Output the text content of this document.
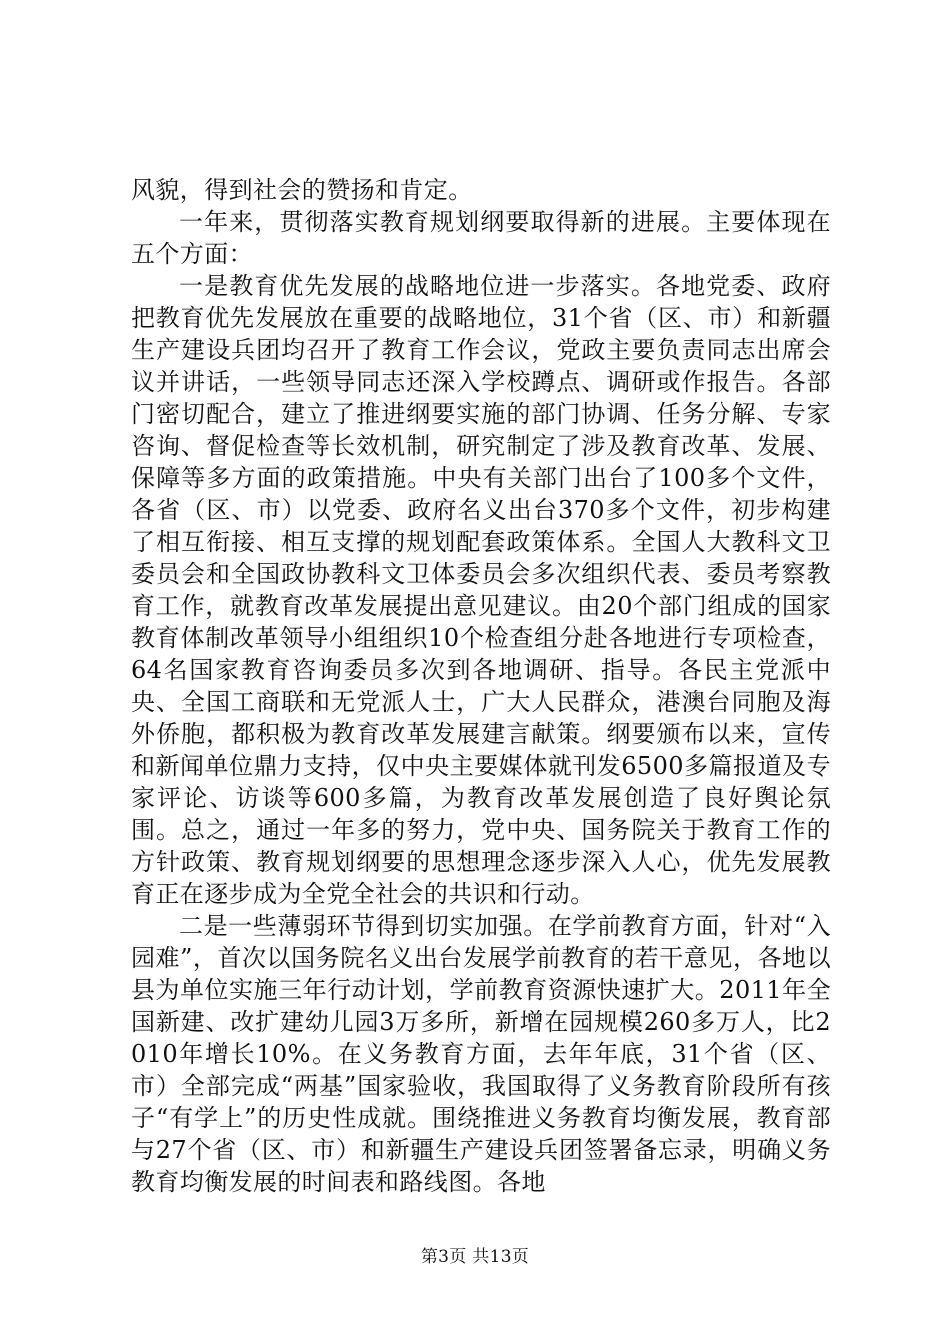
风貌，得到社会的赞扬和肯定。

一年来，贯彻落实教育规划纲要取得新的进展。主要体现在五个方面：

一是教育优先发展的战略地位进一步落实。各地党委、政府把教育优先发展放在重要的战略地位，31个省（区、市）和新疆生产建设兵团均召开了教育工作会议，党政主要负责同志出席会议并讲话，一些领导同志还深入学校蹲点、调研或作报告。各部门密切配合，建立了推进纲要实施的部门协调、任务分解、专家咨询、督促检查等长效机制，研究制定了涉及教育改革、发展、保障等多方面的政策措施。中央有关部门出台了100多个文件，各省（区、市）以党委、政府名义出台370多个文件，初步构建了相互衔接、相互支撑的规划配套政策体系。全国人大教科文卫委员会和全国政协教科文卫体委员会多次组织代表、委员考察教育工作，就教育改革发展提出意见建议。由20个部门组成的国家教育体制改革领导小组组织10个检查组分赴各地进行专项检查，64名国家教育咨询委员多次到各地调研、指导。各民主党派中央、全国工商联和无党派人士，广大人民群众，港澳台同胞及海外侨胞，都积极为教育改革发展建言献策。纲要颁布以来，宣传和新闻单位鼎力支持，仅中央主要媒体就刊发6500多篇报道及专家评论、访谈等600多篇，为教育改革发展创造了良好舆论氛围。总之，通过一年多的努力，党中央、国务院关于教育工作的方针政策、教育规划纲要的思想理念逐步深入人心，优先发展教育正在逐步成为全党全社会的共识和行动。

二是一些薄弱环节得到切实加强。在学前教育方面，针对“入园难”，首次以国务院名义出台发展学前教育的若干意见，各地以县为单位实施三年行动计划，学前教育资源快速扩大。2011年全国新建、改扩建幼儿园3万多所，新增在园规模260多万人，比2010年增长10%。在义务教育方面，去年年底，31个省（区、市）全部完成“两基”国家验收，我国取得了义务教育阶段所有孩子“有学上”的历史性成就。围绕推进义务教育均衡发展，教育部与27个省（区、市）和新疆生产建设兵团签署备忘录，明确义务教育均衡发展的时间表和路线图。各地

第3页 共13页
